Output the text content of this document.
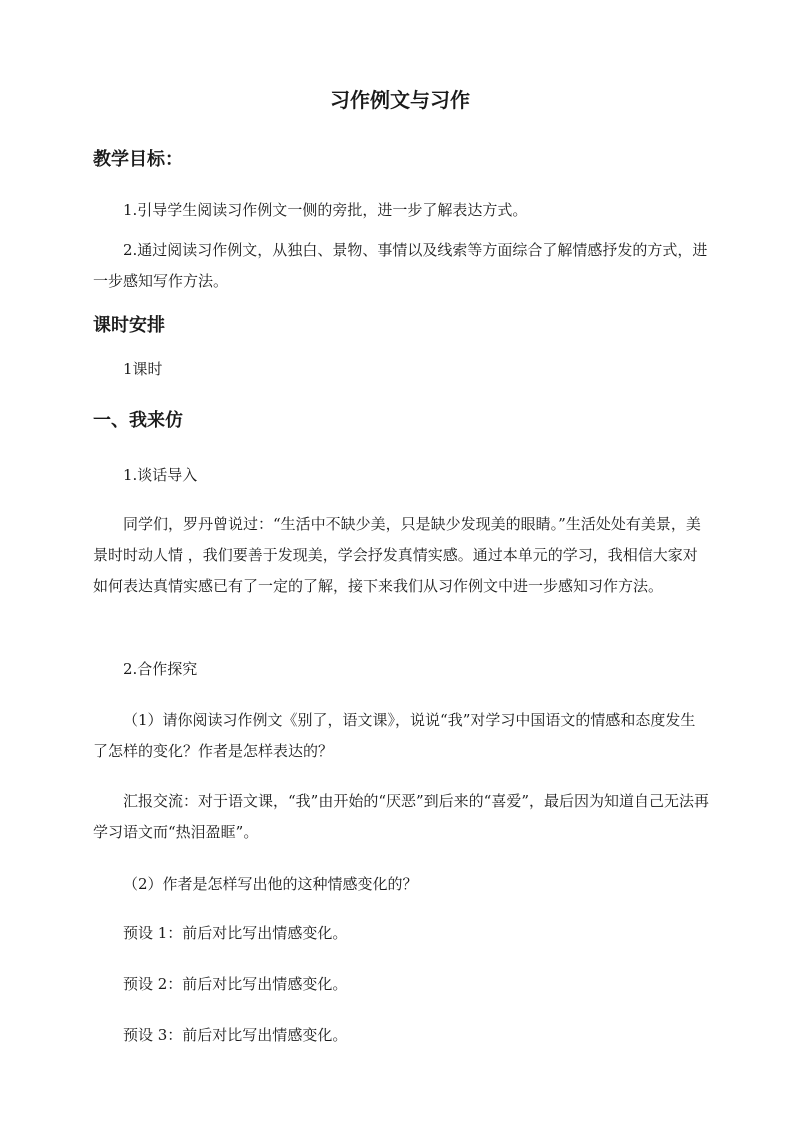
习作例文与习作
教学目标：

1.引导学生阅读习作例文一侧的旁批，进一步了解表达方式。

2.通过阅读习作例文，从独白、景物、事情以及线索等方面综合了解情感抒发的方式，进一步感知写作方法。

课时安排

1课时

一、我来仿

1.谈话导入

同学们，罗丹曾说过：“生活中不缺少美，只是缺少发现美的眼睛。”生活处处有美景，美景时时动人情 ，我们要善于发现美，学会抒发真情实感。通过本单元的学习，我相信大家对如何表达真情实感已有了一定的了解，接下来我们从习作例文中进一步感知习作方法。

2.合作探究

（1）请你阅读习作例文《别了，语文课》，说说“我”对学习中国语文的情感和态度发生了怎样的变化？作者是怎样表达的？

汇报交流：对于语文课，“我”由开始的“厌恶”到后来的“喜爱”，最后因为知道自己无法再学习语文而“热泪盈眶”。

（2）作者是怎样写出他的这种情感变化的？

预设 1：前后对比写出情感变化。

预设 2：前后对比写出情感变化。

预设 3：前后对比写出情感变化。
